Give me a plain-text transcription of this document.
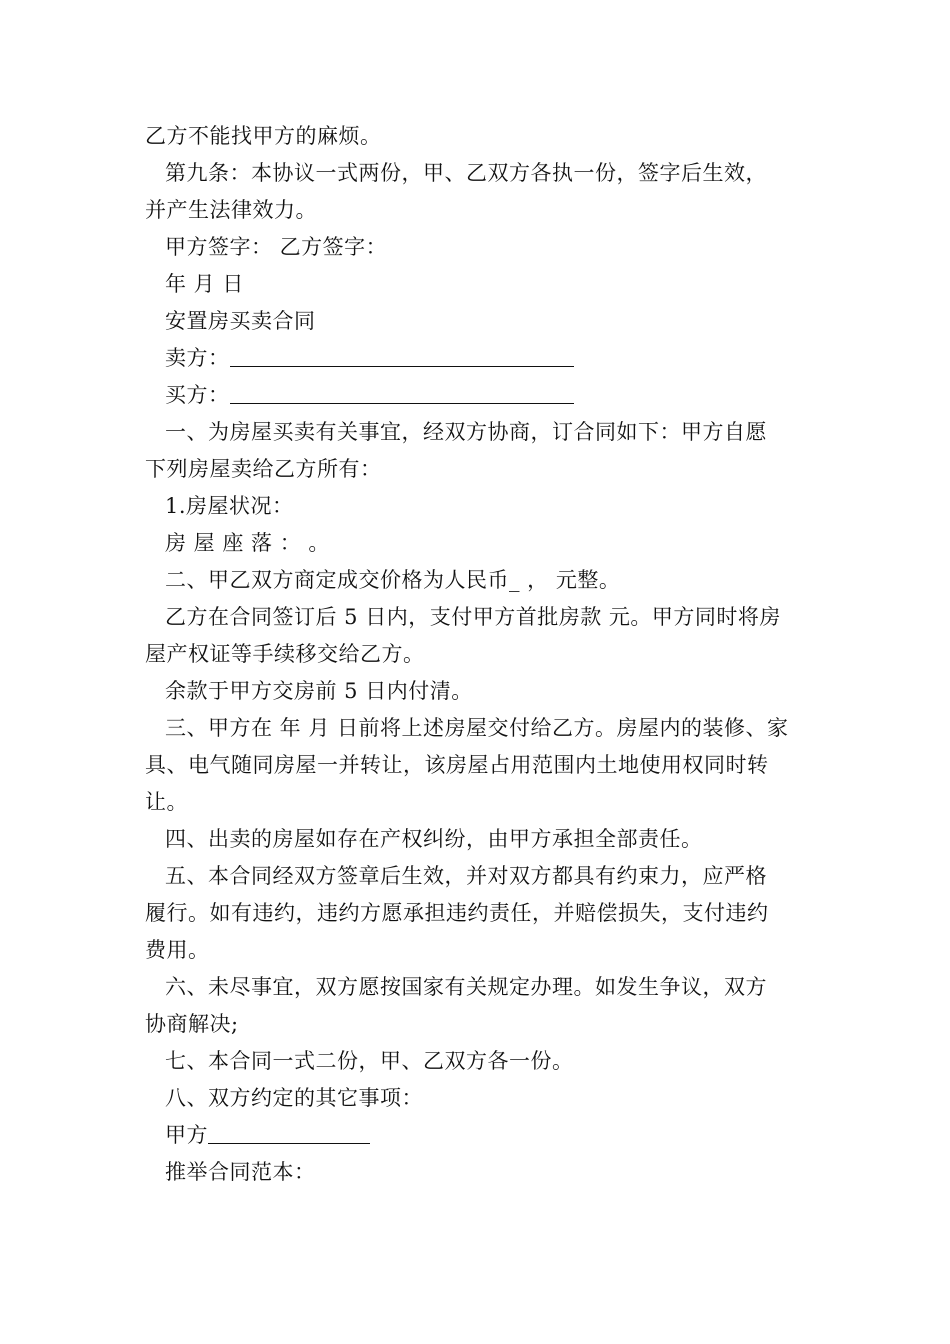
乙方不能找甲方的麻烦。
第九条：本协议一式两份，甲、乙双方各执一份，签字后生效，
并产生法律效力。
甲方签字： 乙方签字：
年 月 日
安置房买卖合同
卖方：
买方：
一、为房屋买卖有关事宜，经双方协商，订合同如下：甲方自愿
下列房屋卖给乙方所有：
1.房屋状况：
房 屋 座 落 ： 。
二、甲乙双方商定成交价格为人民币_ ， 元整。
乙方在合同签订后 5 日内，支付甲方首批房款 元。甲方同时将房
屋产权证等手续移交给乙方。
余款于甲方交房前 5 日内付清。
三、甲方在 年 月 日前将上述房屋交付给乙方。房屋内的装修、家
具、电气随同房屋一并转让，该房屋占用范围内土地使用权同时转
让。
四、出卖的房屋如存在产权纠纷，由甲方承担全部责任。
五、本合同经双方签章后生效，并对双方都具有约束力，应严格
履行。如有违约，违约方愿承担违约责任，并赔偿损失，支付违约
费用。
六、未尽事宜，双方愿按国家有关规定办理。如发生争议，双方
协商解决;
七、本合同一式二份，甲、乙双方各一份。
八、双方约定的其它事项：
甲方
推举合同范本：
